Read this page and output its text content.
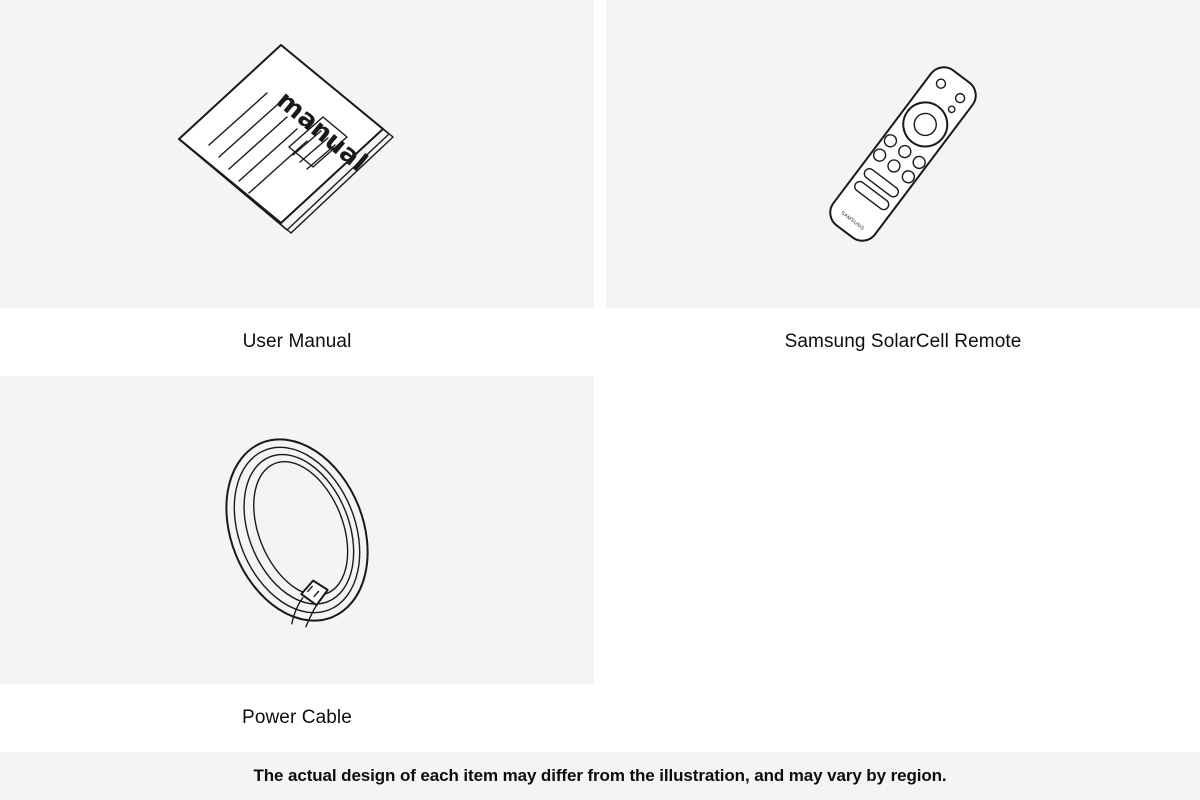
manual
SAMSUNG
User Manual	Samsung SolarCell Remote
Power Cable
The actual design of each item may differ from the illustration, and may vary by region.
